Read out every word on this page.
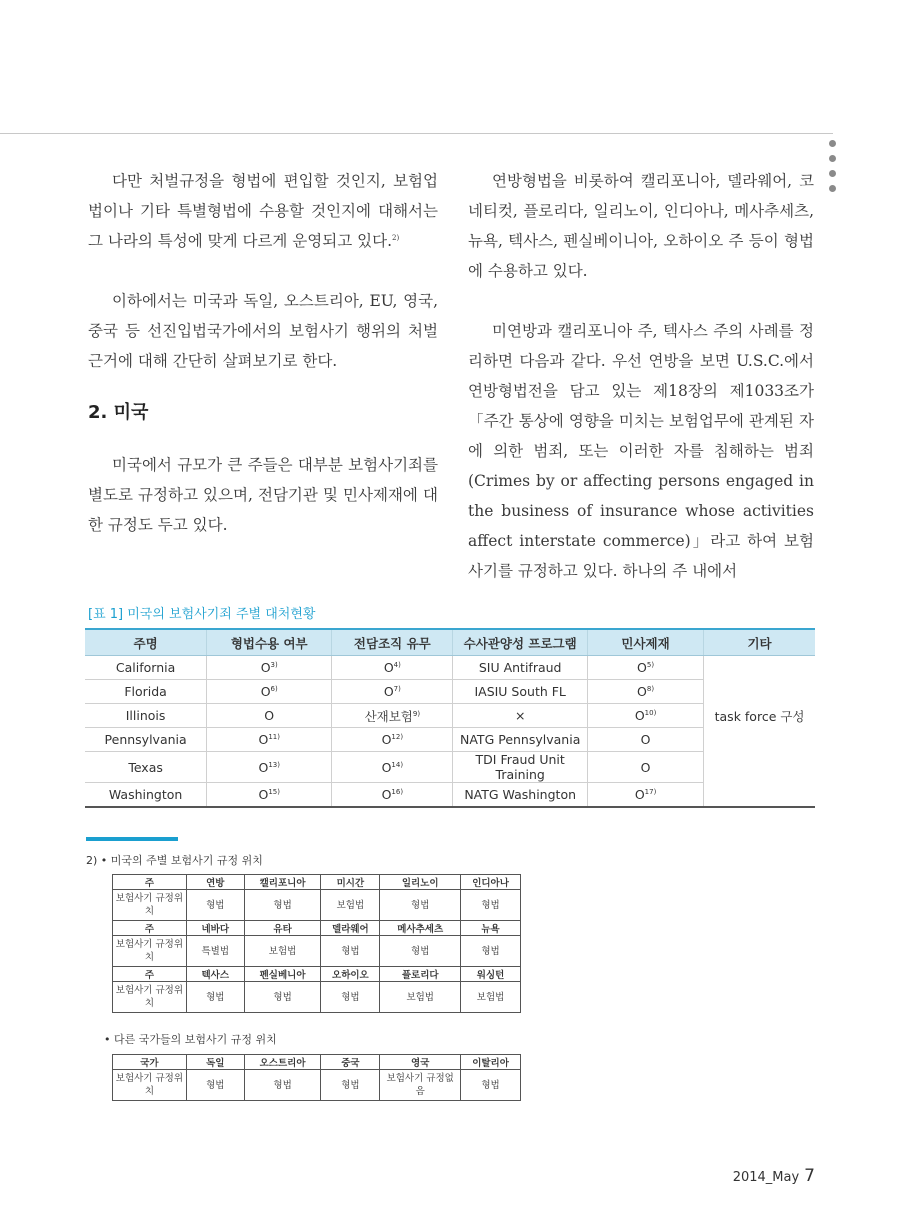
다만 처벌규정을 형법에 편입할 것인지, 보험업법이나 기타 특별형법에 수용할 것인지에 대해서는 그 나라의 특성에 맞게 다르게 운영되고 있다.$^{2)}$

이하에서는 미국과 독일, 오스트리아, EU, 영국, 중국 등 선진입법국가에서의 보험사기 행위의 처벌 근거에 대해 간단히 살펴보기로 한다.

2. 미국

미국에서 규모가 큰 주들은 대부분 보험사기죄를 별도로 규정하고 있으며, 전담기관 및 민사제재에 대한 규정도 두고 있다.

연방형법을 비롯하여 캘리포니아, 델라웨어, 코네티컷, 플로리다, 일리노이, 인디아나, 메사추세츠, 뉴욕, 텍사스, 펜실베이니아, 오하이오 주 등이 형법에 수용하고 있다.

미연방과 캘리포니아 주, 텍사스 주의 사례를 정리하면 다음과 같다. 우선 연방을 보면 U.S.C.에서 연방형법전을 담고 있는 제18장의 제1033조가 「주간 통상에 영향을 미치는 보험업무에 관계된 자에 의한 범죄, 또는 이러한 자를 침해하는 범죄(Crimes by or affecting persons engaged in the business of insurance whose activities affect interstate commerce)」라고 하여 보험사기를 규정하고 있다. 하나의 주 내에서

[표 1] 미국의 보험사기죄 주별 대처현황
주명	형법수용 여부	전담조직 유무	수사관양성 프로그램	민사제재	기타
California	$O^{3)}$	$O^{4)}$	SIU Antifraud	$O^{5)}$	
Florida	$O^{6)}$	$O^{7)}$	IASIU South FL	$O^{8)}$	
Illinois	O	산재보험$^{9)}$	×	$O^{10)}$	task force 구성
Pennsylvania	$O^{11)}$	$O^{12)}$	NATG Pennsylvania	O	
Texas	$O^{13)}$	$O^{14)}$	TDI Fraud Unit Training	O	
Washington	$O^{15)}$	$O^{16)}$	NATG Washington	$O^{17)}$	
2) • 미국의 주별 보험사기 규정 위치
주	연방	캘리포니아	미시간	일리노이	인디아나
보험사기 규정위치	형법	형법	보험법	형법	형법
주	네바다	유타	델라웨어	메사추세츠	뉴욕
보험사기 규정위치	특별법	보험법	형법	형법	형법
주	텍사스	펜실베니아	오하이오	플로리다	워싱턴
보험사기 규정위치	형법	형법	형법	보험법	보험법
• 다른 국가들의 보험사기 규정 위치
국가	독일	오스트리아	중국	영국	이탈리아
보험사기 규정위치	형법	형법	형법	보험사기 규정없음	형법
2014_May 7
